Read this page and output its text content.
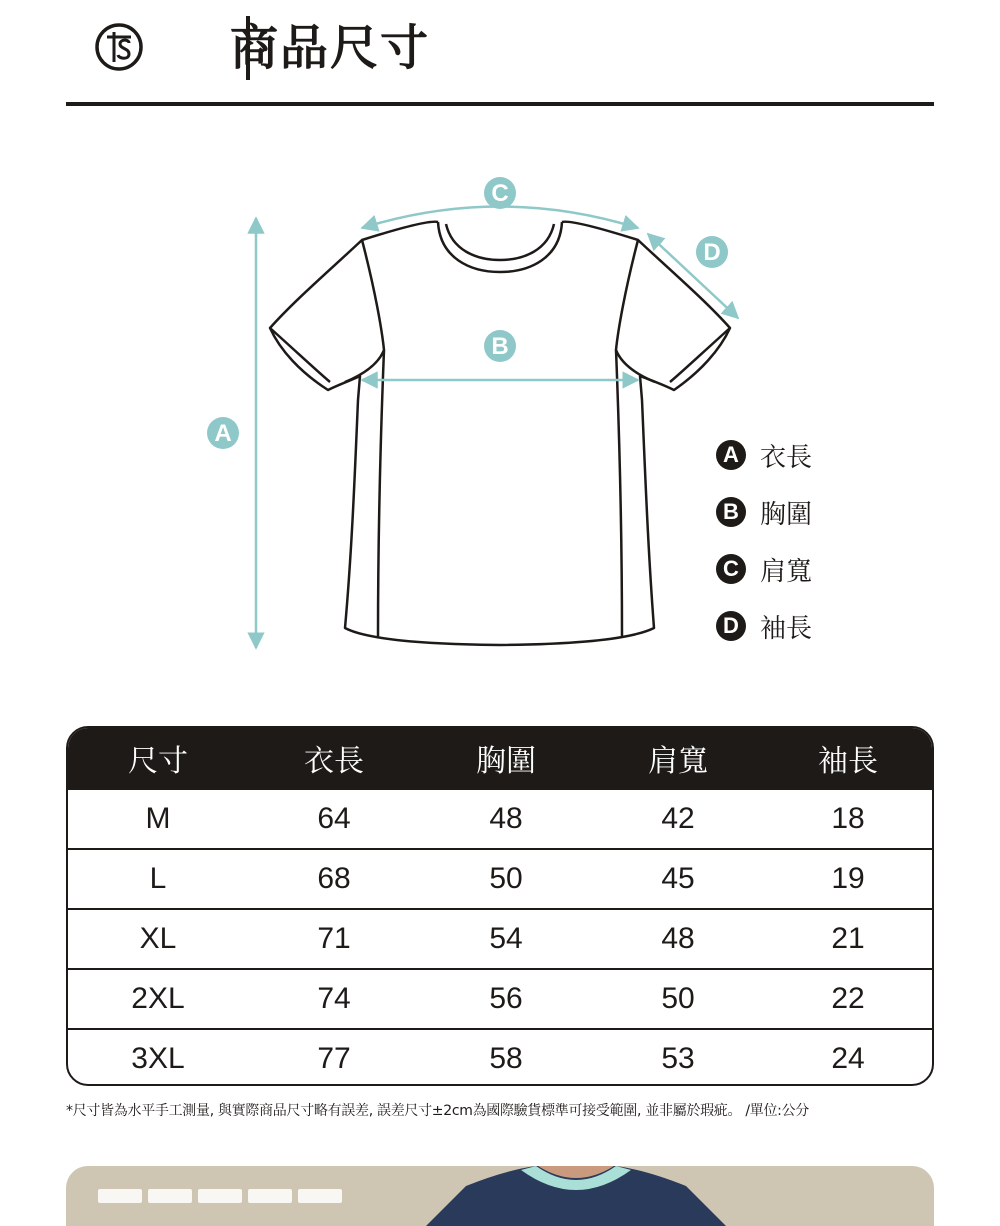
商品尺寸
A
B
C
D
A 衣長
B 胸圍
C 肩寬
D 袖長
尺寸	衣長	胸圍	肩寬	袖長
M	64	48	42	18
L	68	50	45	19
XL	71	54	48	21
2XL	74	56	50	22
3XL	77	58	53	24
*尺寸皆為水平手工測量, 與實際商品尺寸略有誤差, 誤差尺寸±2cm為國際驗貨標準可接受範圍, 並非屬於瑕疵。 /單位:公分
